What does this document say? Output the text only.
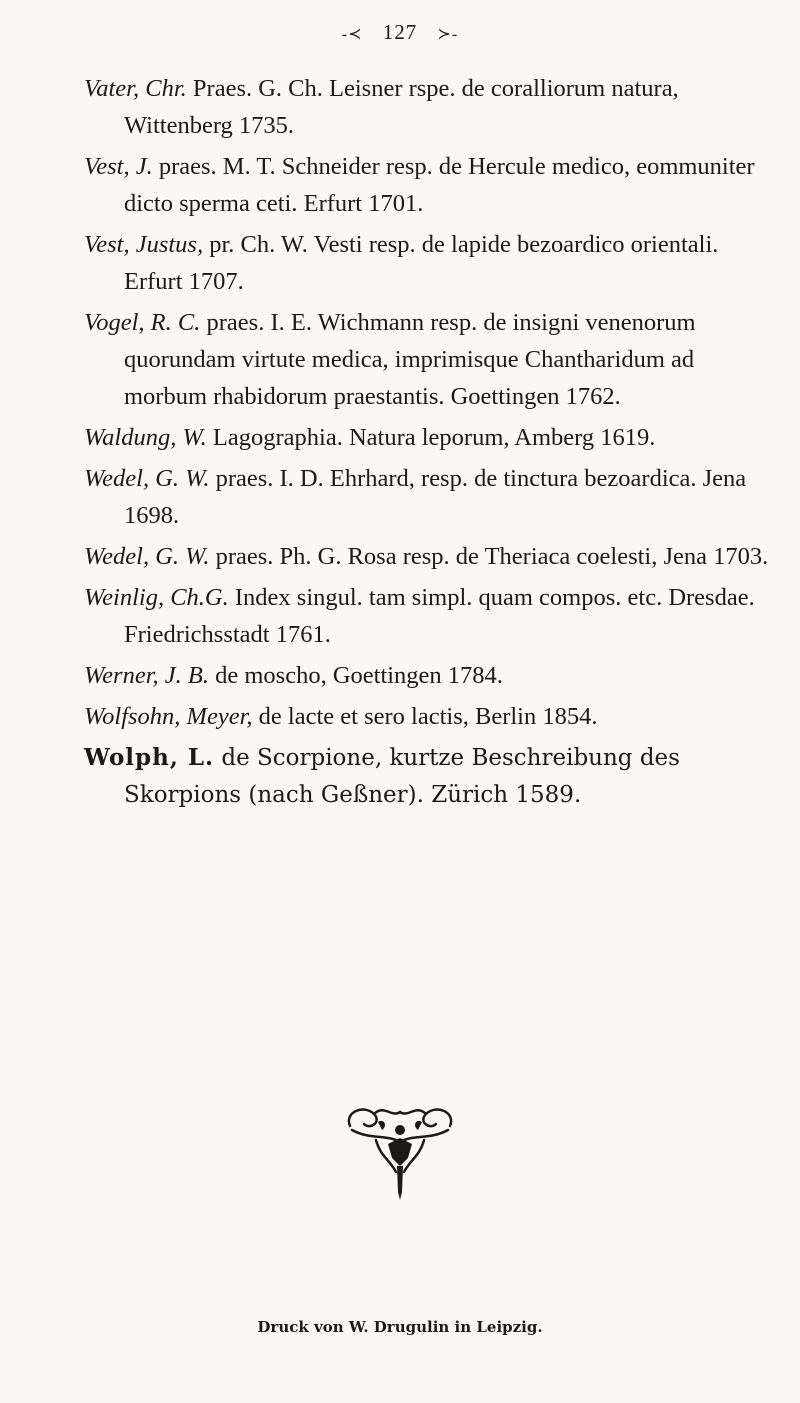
-≺ 127 ≻-
Vater, Chr. Praes. G. Ch. Leisner rspe. de coralliorum natura, Wittenberg 1735.
Vest, J. praes. M. T. Schneider resp. de Hercule medico, eommuniter dicto sperma ceti. Erfurt 1701.
Vest, Justus, pr. Ch. W. Vesti resp. de lapide bezoardico orientali. Erfurt 1707.
Vogel, R. C. praes. I. E. Wichmann resp. de insigni venenorum quorundam virtute medica, imprimisque Chantharidum ad morbum rhabidorum praestantis. Goettingen 1762.
Waldung, W. Lagographia. Natura leporum, Amberg 1619.
Wedel, G. W. praes. I. D. Ehrhard, resp. de tinctura bezoardica. Jena 1698.
Wedel, G. W. praes. Ph. G. Rosa resp. de Theriaca coelesti, Jena 1703.
Weinlig, Ch.G. Index singul. tam simpl. quam compos. etc. Dresdae. Friedrichsstadt 1761.
Werner, J. B. de moscho, Goettingen 1784.
Wolfsohn, Meyer, de lacte et sero lactis, Berlin 1854.
Wolph, L. de Scorpione, kurtze Beschreibung des Skorpions (nach Geßner). Zürich 1589.
Druck von W. Drugulin in Leipzig.
